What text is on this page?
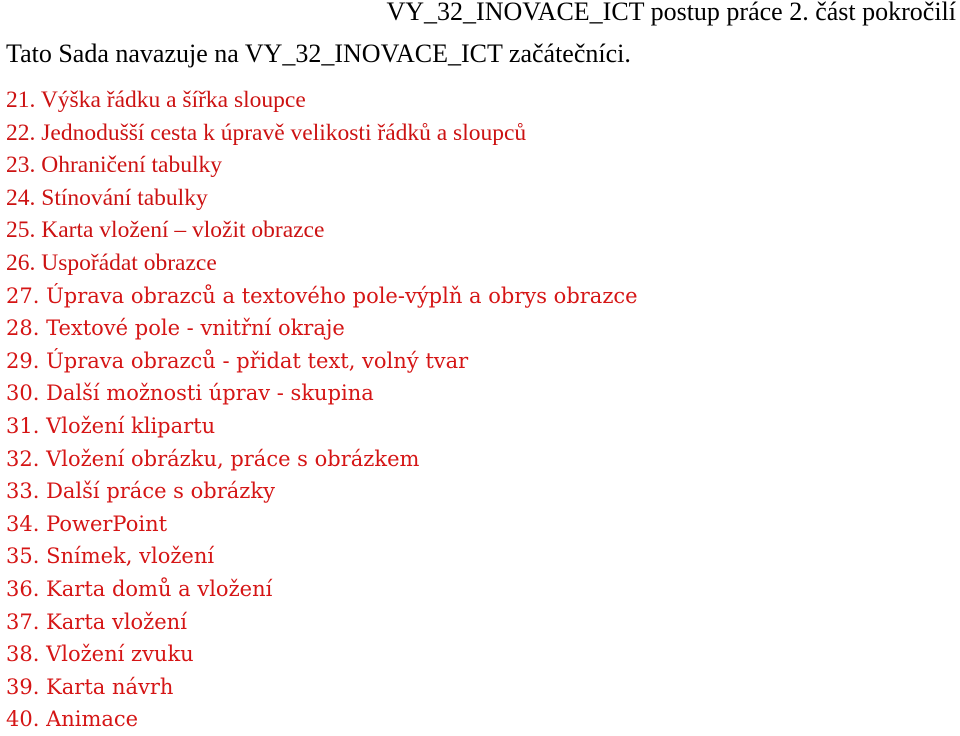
VY_32_INOVACE_ICT postup práce 2. část pokročilí
Tato Sada navazuje na VY_32_INOVACE_ICT začátečníci.
21. Výška řádku a šířka sloupce
22. Jednodušší cesta k úpravě velikosti řádků a sloupců
23. Ohraničení tabulky
24. Stínování tabulky
25. Karta vložení – vložit obrazce
26. Uspořádat obrazce
27. Úprava obrazců a textového pole-výplň a obrys obrazce
28. Textové pole - vnitřní okraje
29. Úprava obrazců - přidat text, volný tvar
30. Další možnosti úprav - skupina
31. Vložení klipartu
32. Vložení obrázku, práce s obrázkem
33. Další práce s obrázky
34. PowerPoint
35. Snímek, vložení
36. Karta domů a vložení
37. Karta vložení
38. Vložení zvuku
39. Karta návrh
40. Animace
